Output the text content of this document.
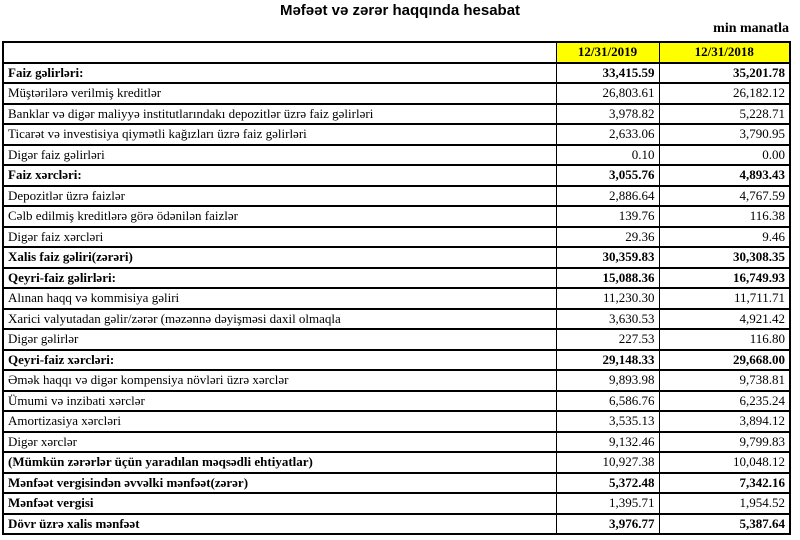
Məfəət və zərər haqqında hesabat
min manatla
	12/31/2019	12/31/2018
Faiz gəlirləri:	33,415.59	35,201.78
Müştərilərə verilmiş kreditlər	26,803.61	26,182.12
Banklar və digər maliyyə institutlarındakı depozitlər üzrə faiz gəlirləri	3,978.82	5,228.71
Ticarət və investisiya qiymətli kağızları üzrə faiz gəlirləri	2,633.06	3,790.95
Digər faiz gəlirləri	0.10	0.00
Faiz xərcləri:	3,055.76	4,893.43
Depozitlər üzrə faizlər	2,886.64	4,767.59
Cəlb edilmiş kreditlərə görə ödənilən faizlər	139.76	116.38
Digər faiz xərcləri	29.36	9.46
Xalis faiz gəliri(zərəri)	30,359.83	30,308.35
Qeyri-faiz gəlirləri:	15,088.36	16,749.93
Alınan haqq və kommisiya gəliri	11,230.30	11,711.71
Xarici valyutadan gəlir/zərər (məzənnə dəyişməsi daxil olmaqla	3,630.53	4,921.42
Digər gəlirlər	227.53	116.80
Qeyri-faiz xərcləri:	29,148.33	29,668.00
Əmək haqqı və digər kompensiya növləri üzrə xərclər	9,893.98	9,738.81
Ümumi və inzibati xərclər	6,586.76	6,235.24
Amortizasiya xərcləri	3,535.13	3,894.12
Digər xərclər	9,132.46	9,799.83
(Mümkün zərərlər üçün yaradılan məqsədli ehtiyatlar)	10,927.38	10,048.12
Mənfəət vergisindən əvvəlki mənfəət(zərər)	5,372.48	7,342.16
Mənfəət vergisi	1,395.71	1,954.52
Dövr üzrə xalis mənfəət	3,976.77	5,387.64
